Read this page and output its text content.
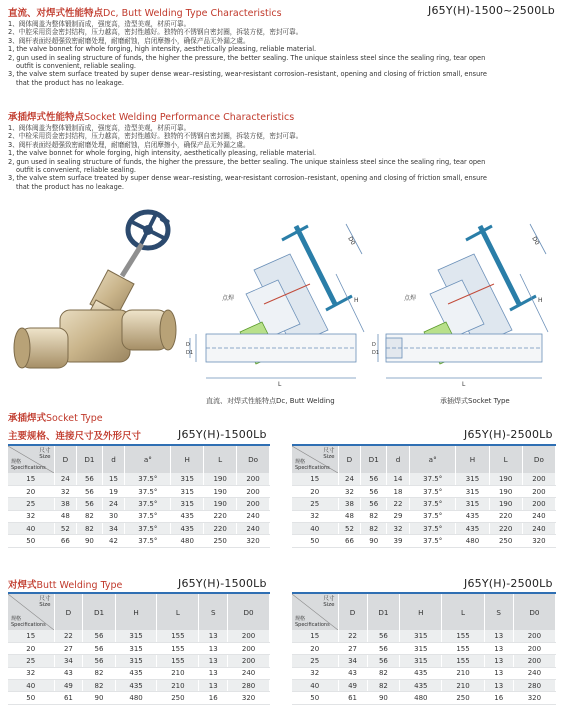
直流、对焊式性能特点Dc, Butt Welding Type Characteristics	J65Y(H)-1500~2500Lb
1、阀体阀盖为整体锻制而成，强度高，造型美观，材质可靠。
2、中腔采用资金密封结构，压力越高，密封性越好。独特的不锈钢自密封圈，拆装方便，密封可靠。
3、阀杆表面经超强致密耐磨处理，耐磨耐蚀，启闭摩擦小，确保产品无外漏之虞。
1, the valve bonnet for whole forging, high intensity, aesthetically pleasing, reliable material.
2, gun used in sealing structure of funds, the higher the pressure, the better sealing. The unique stainless steel since the sealing ring, tear open
outfit is convenient, reliable sealing.
3, the valve stem surface treated by super dense wear–resisting, wear-resistant corrosion–resistant, opening and closing of friction small, ensure
that the product has no leakage.
承插焊式性能特点Socket Welding Performance Characteristics
1、阀体阀盖为整体锻制而成，强度高，造型美观，材质可靠。
2、中检采用资金密封结构，压力越高，密封性越好。独特的不锈钢自密封圈，拆装方便，密封可靠。
3、阀杆表面经超强致密耐磨处理，耐磨耐蚀，启闭摩擦小，确保产品无外漏之虞。
1, the valve bonnet for whole forging, high intensity, aesthetically pleasing, reliable material.
2, gun used in sealing structure of funds, the higher the pressure, the better sealing. The unique stainless steel since the sealing ring, tear open
outfit is convenient, reliable sealing.
3, the valve stem surface treated by super dense wear–resisting, wear-resistant corrosion–resistant, opening and closing of friction small, ensure
that the product has no leakage.
点焊
D0
H
L
D
D1
直流、对焊式性能特点Dc, Butt Welding
点焊
D0
H
L
D
D1
承插焊式Socket Type
承插焊式Socket Type
主要规格、连接尺寸及外形尺寸	J65Y(H)-1500Lb	J65Y(H)-2500Lb
尺寸
Size
规格
Specifications	D	D1	d	a°	H	L	Do
15	24	56	15	37.5°	315	190	200
20	32	56	19	37.5°	315	190	200
25	38	56	24	37.5°	315	190	200
32	48	82	30	37.5°	435	220	240
40	52	82	34	37.5°	435	220	240
50	66	90	42	37.5°	480	250	320
尺寸
Size
规格
Specifications	D	D1	d	a°	H	L	Do
15	24	56	14	37.5°	315	190	200
20	32	56	18	37.5°	315	190	200
25	38	56	22	37.5°	315	190	200
32	48	82	29	37.5°	435	220	240
40	52	82	32	37.5°	435	220	240
50	66	90	39	37.5°	480	250	320
对焊式Butt Welding Type	J65Y(H)-1500Lb	J65Y(H)-2500Lb
尺寸
Size
规格
Specifications	D	D1	H	L	S	D0
15	22	56	315	155	13	200
20	27	56	315	155	13	200
25	34	56	315	155	13	200
32	43	82	435	210	13	240
40	49	82	435	210	13	280
50	61	90	480	250	16	320
尺寸
Size
规格
Specifications	D	D1	H	L	S	D0
15	22	56	315	155	13	200
20	27	56	315	155	13	200
25	34	56	315	155	13	200
32	43	82	435	210	13	240
40	49	82	435	210	13	280
50	61	90	480	250	16	320
